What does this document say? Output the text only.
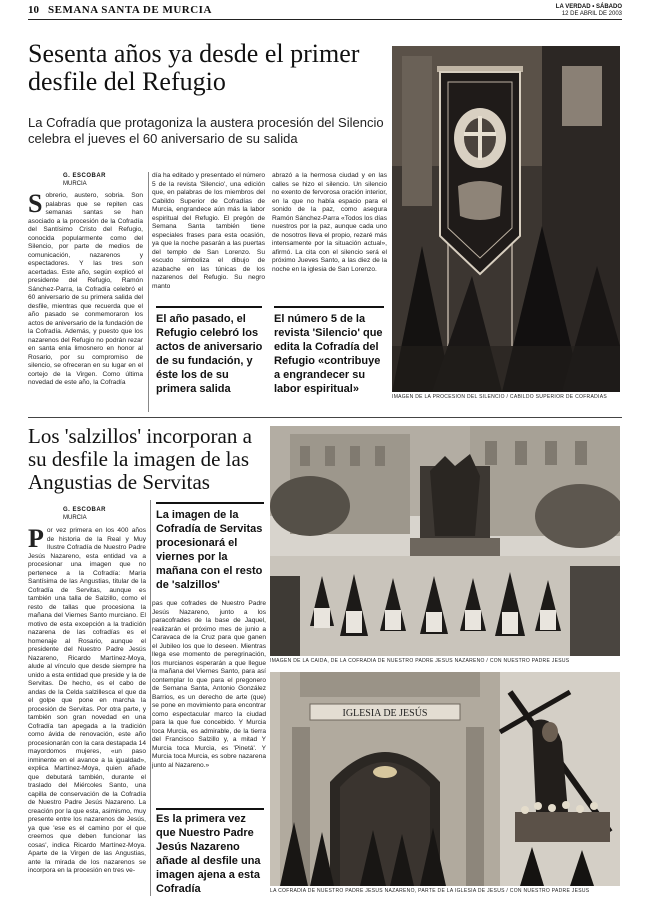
10 SEMANA SANTA DE MURCIA	LA VERDAD • SÁBADO
12 DE ABRIL DE 2003
Sesenta años ya desde el primer desfile del Refugio
La Cofradía que protagoniza la austera procesión del Silencio celebra el jueves el 60 aniversario de su salida
G. ESCOBAR
MURCIA
S obrerio, austero, sobria. Son palabras que se repiten cas semanas santas se han asociado a la procesión de la Cofradía del Santísimo Cristo del Refugio, conocida popularmente como del Silencio, por parte de medios de comunicación, nazarenos y espectadores. Y las tres son acertadas. Este año, según explicó el presidente del Refugio, Ramón Sánchez-Parra, la Cofradía celebró el 60 aniversario de su primera salida del desfile, mientras que recuerda que el año pasado se conmemoraron los actos de aniversario de la fundación de la Cofradía. Además, y puesto que los nazarenos del Refugio no podrán rezar en santa enla limosnero en honor al Rosario, por su compromiso de silencio, se ofreceran en su lugar en el cortejo de la Virgen. Como última novedad de este año, la Cofradía
día ha editado y presentado el número 5 de la revista 'Silencio', una edición que, en palabras de los miembros del Cabildo Superior de Cofradías de Murcia, engrandece aún más la labor espiritual del Refugio. El pregón de Semana Santa también tiene especiales frases para esta ocasión, ya que la noche pasarán a las puertas del templo de San Lorenzo. Su escudo simboliza el dibujo de azabache en las túnicas de los nazarenos del Refugio. Su negro manto
abrazó a la hermosa ciudad y en las calles se hizo el silencio. Un silencio no exento de fervorosa oración interior, en la que no había espacio para el sonido de la paz, como asegura Ramón Sánchez-Parra «Todos los días nuestros por la paz, aunque cada uno de nosotros lleva el propio, rezaré más intensamente por la situación actual», afirmó. La cita con el silencio será el próximo Jueves Santo, a las diez de la noche en la iglesia de San Lorenzo.
El año pasado, el Refugio celebró los actos de aniversario de su fundación, y éste los de su primera salida
El número 5 de la revista 'Silencio' que edita la Cofradía del Refugio «contribuye a engrandecer su labor espiritual»
IMAGEN DE LA PROCESIÓN DEL SILENCIO / CABILDO SUPERIOR DE COFRADÍAS
Los 'salzillos' incorporan a su desfile la imagen de las Angustias de Servitas
G. ESCOBAR
MURCIA
P or vez primera en los 400 años de historia de la Real y Muy Ilustre Cofradía de Nuestro Padre Jesús Nazareno, esta entidad va a procesionar una imagen que no pertenece a la Cofradía: María Santísima de las Angustias, titular de la Cofradía de Servitas, aunque es también una talla de Salzillo, como el resto de tallas que procesiona la mañana del Viernes Santo murciano. El motivo de esta excepción a la tradición nazarena de las cofradías es el homenaje al Rosario, aunque el presidente del Nuestro Padre Jesús Nazareno, Ricardo Martínez-Moya, alude al vínculo que desde siempre ha unido a esta entidad que preside y la de Servitas. De hecho, es el cabo de andas de la Celda salzillesca el que da el golpe que pone en marcha la procesión de Servitas. Por otra parte, y también son gran novedad en una Cofradía tan apegada a la tradición como ávida de renovación, este año procesionarán con la cara destapada 14 mayordomos mujeres, «un paso inminente en el avance a la igualdad», explica Martínez-Moya, quien añade que debutará también, durante el traslado del Miércoles Santo, una capilla de conservación de la Cofradía de Nuestro Padre Jesús Nazareno. La creación por la que esta, asimismo, muy presente entre los nazarenos de Jesús, ya que 'ese es el camino por el que creemos que deben funcionar las cosas', indica Ricardo Martínez-Moya. Aparte de la Virgen de las Angustias, ante la mirada de los nazarenos se incorpora en la procesión en tres ve-
La imagen de la Cofradía de Servitas procesionará el viernes por la mañana con el resto de 'salzillos'
pas que cofrades de Nuestro Padre Jesús Nazareno, junto a los paracofrades de la base de Jaquel, realizarán el próximo mes de junio a Caravaca de la Cruz para que ganen el Jubileo los que lo deseen. Mientras llega ese momento de peregrinación, los murcianos esperarán a que llegue la mañana del Viernes Santo, para así contemplar lo que para el pregonero de Semana Santa, Antonio González Barrios, es un derecho de arte (que) se pone en movimiento para encontrar como espectacular marco la ciudad para la que fue concebido. Y Murcia toca Murcia, es admirable, de la tierra del Francisco Salzillo y, a mitad Y Murcia toca Murcia, es 'Pinetá'. Y Murcia toca Murcia, es sobre nazarena junto al Nazareno.»
Es la primera vez que Nuestro Padre Jesús Nazareno añade al desfile una imagen ajena a esta Cofradía
IMAGEN DE LA CAÍDA, DE LA COFRADÍA DE NUESTRO PADRE JESÚS NAZARENO / CON NUESTRO PADRE JESÚS
IGLESIA DE JESÚS
LA COFRADÍA DE NUESTRO PADRE JESÚS NAZARENO, PARTE DE LA IGLESIA DE JESÚS / CON NUESTRO PADRE JESÚS
